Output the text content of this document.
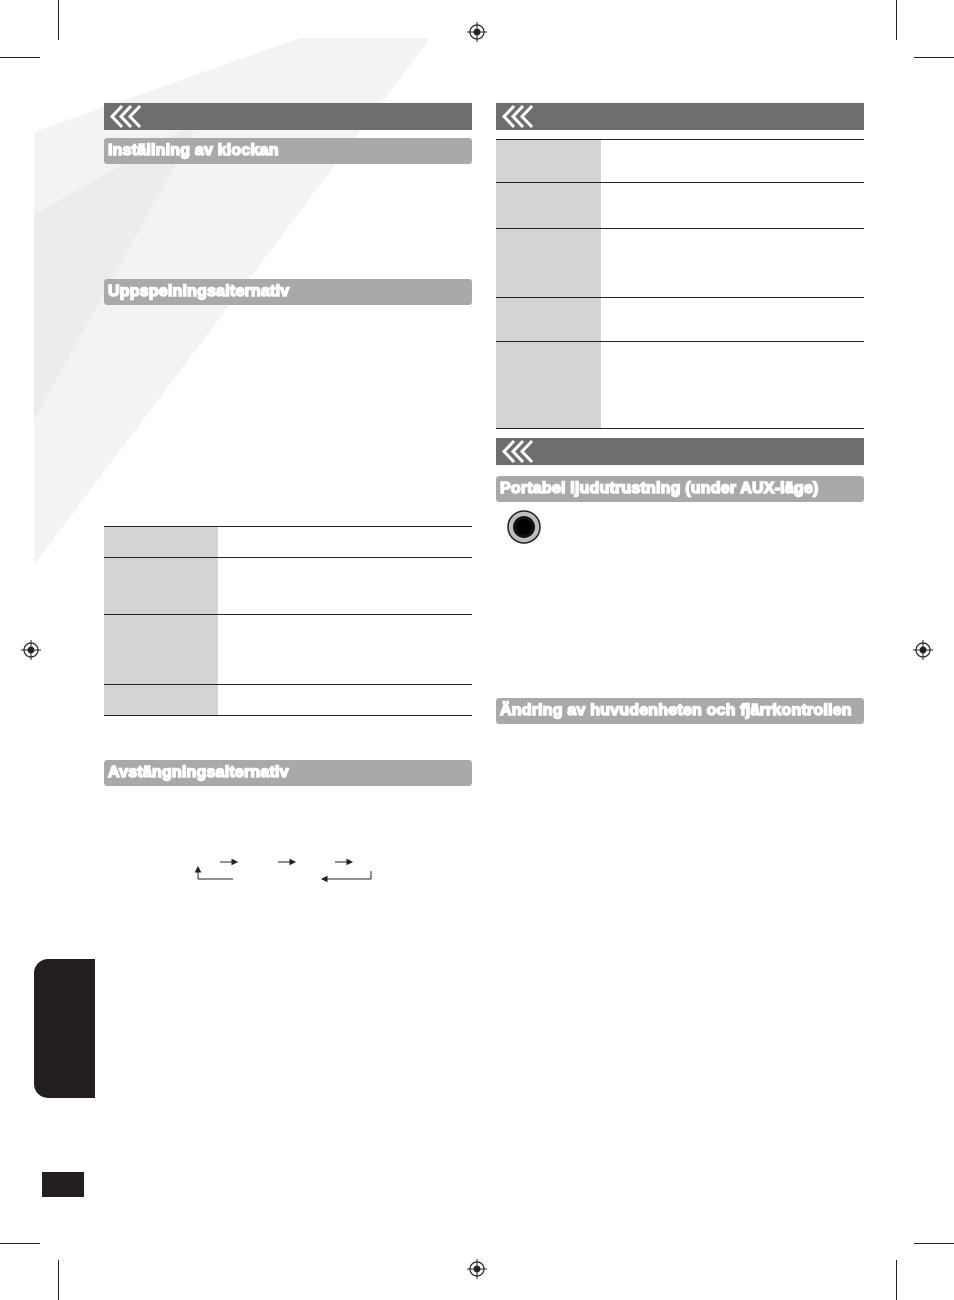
Inställning av klockan
Uppspelningsalternativ
Avstängningsalternativ
Portabel ljudutrustning (under AUX-läge)
Ändring av huvudenheten och fjärrkontrollen
